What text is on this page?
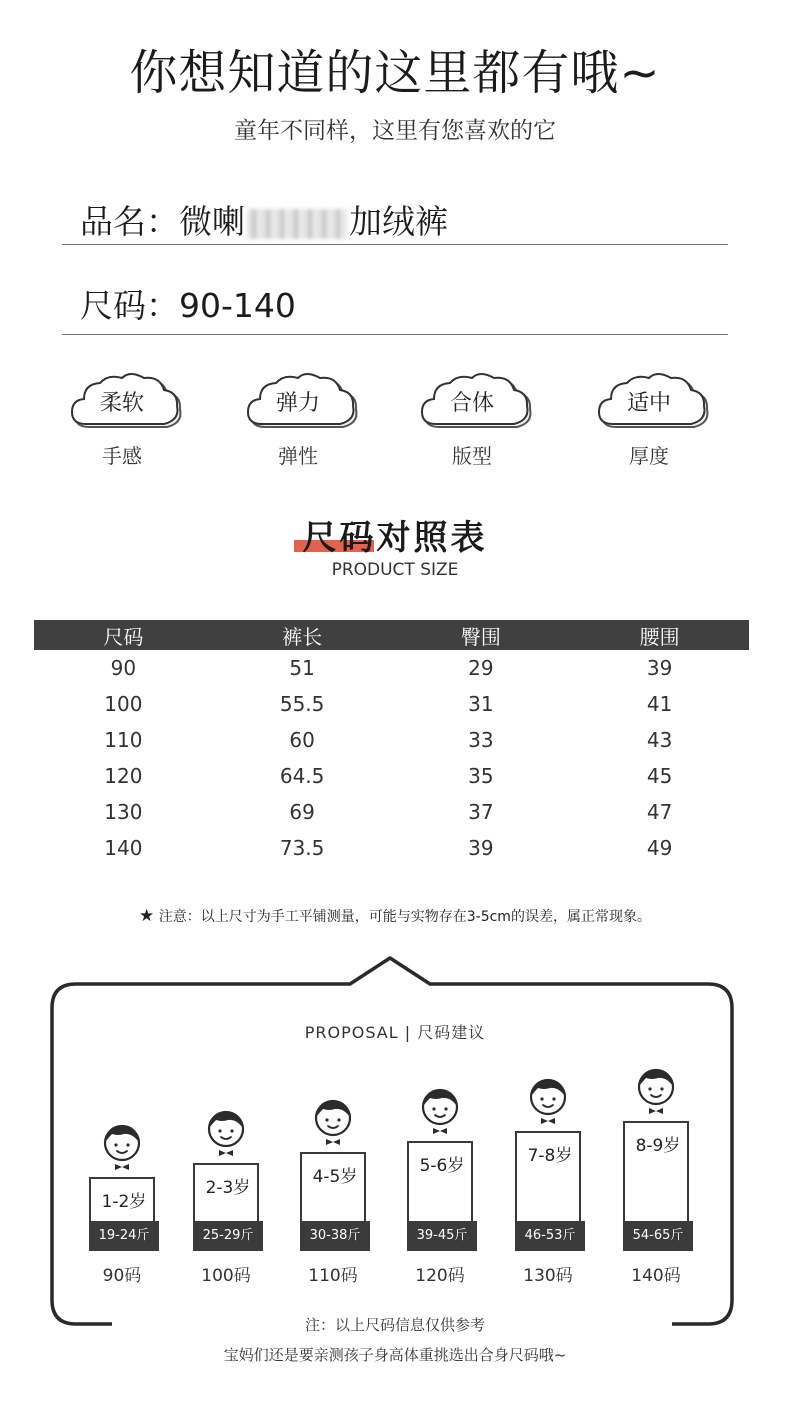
你想知道的这里都有哦~
童年不同样，这里有您喜欢的它
品名：微喇	加绒裤
尺码：90-140
柔软
手感
弹力
弹性
合体
版型
适中
厚度
尺码对照表
PRODUCT SIZE
尺码	裤长	臀围	腰围
90	51	29	39
100	55.5	31	41
110	60	33	43
120	64.5	35	45
130	69	37	47
140	73.5	39	49
★ 注意：以上尺寸为手工平铺测量，可能与实物存在3-5cm的误差，属正常现象。
PROPOSAL | 尺码建议
1-2岁
19-24斤
90码
2-3岁
25-29斤
100码
4-5岁
30-38斤
110码
5-6岁
39-45斤
120码
7-8岁
46-53斤
130码
8-9岁
54-65斤
140码
注：以上尺码信息仅供参考
宝妈们还是要亲测孩子身高体重挑选出合身尺码哦~
